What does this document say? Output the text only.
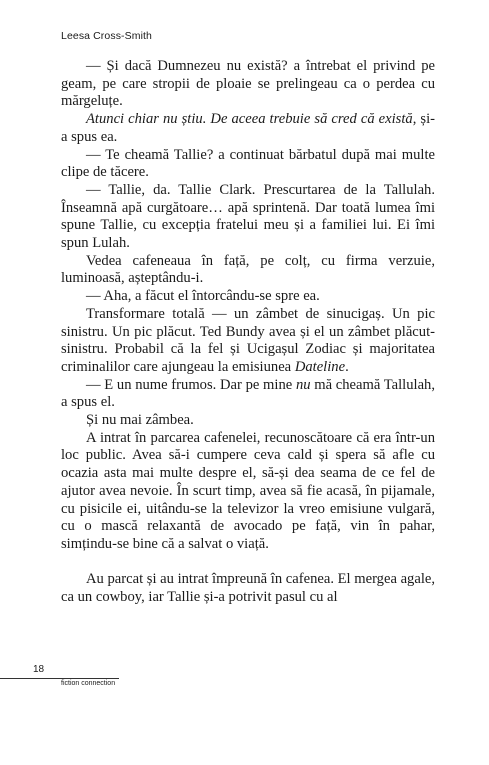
Leesa Cross-Smith

— Și dacă Dumnezeu nu există? a întrebat el privind pe geam, pe care stropii de ploaie se prelingeau ca o perdea cu mărgeluțe.

Atunci chiar nu știu. De aceea trebuie să cred că există, și-a spus ea.

— Te cheamă Tallie? a continuat bărbatul după mai multe clipe de tăcere.

— Tallie, da. Tallie Clark. Prescurtarea de la Tallulah. Înseamnă apă curgătoare… apă sprintenă. Dar toată lumea îmi spune Tallie, cu excepția fratelui meu și a familiei lui. Ei îmi spun Lulah.

Vedea cafeneaua în față, pe colț, cu firma verzuie, luminoasă, așteptându-i.

— Aha, a făcut el întorcându-se spre ea.

Transformare totală — un zâmbet de sinucigaș. Un pic sinistru. Un pic plăcut. Ted Bundy avea și el un zâmbet plăcut-sinistru. Probabil că la fel și Ucigașul Zodiac și majoritatea criminalilor care ajungeau la emisiunea Dateline.

— E un nume frumos. Dar pe mine nu mă cheamă Tallulah, a spus el.

Și nu mai zâmbea.

A intrat în parcarea cafenelei, recunoscătoare că era într-un loc public. Avea să-i cumpere ceva cald și spera să afle cu ocazia asta mai multe despre el, să-și dea seama de ce fel de ajutor avea nevoie. În scurt timp, avea să fie acasă, în pijamale, cu pisicile ei, uitându-se la televizor la vreo emisiune vulgară, cu o mască relaxantă de avocado pe față, vin în pahar, simțindu-se bine că a salvat o viață.

Au parcat și au intrat împreună în cafenea. El mergea agale, ca un cowboy, iar Tallie și-a potrivit pasul cu al

18
fiction connection
